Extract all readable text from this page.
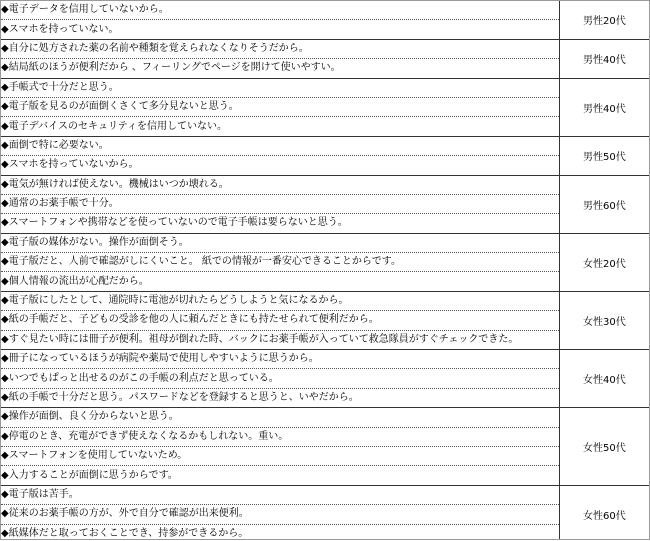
◆電子データを信用していないから。	男性20代
◆スマホを持っていない。	
◆自分に処方された薬の名前や種類を覚えられなくなりそうだから。	男性40代
◆結局紙のほうが便利だから 、フィーリングでページを開けて使いやすい。	
◆手帳式で十分だと思う。	男性40代
◆電子版を見るのが面倒くさくて多分見ないと思う。	
◆電子デバイスのセキュリティを信用していない。	
◆面倒で特に必要ない。	男性50代
◆スマホを持っていないから。	
◆電気が無ければ使えない。機械はいつか壊れる。	男性60代
◆通常のお薬手帳で十分。	
◆スマートフォンや携帯などを使っていないので電子手帳は要らないと思う。	
◆電子版の媒体がない。操作が面倒そう。	女性20代
◆電子版だと、人前で確認がしにくいこと。 紙での情報が一番安心できることからです。	
◆個人情報の流出が心配だから。	
◆電子版にしたとして、通院時に電池が切れたらどうしようと気になるから。	女性30代
◆紙の手帳だと、子どもの受診を他の人に頼んだときにも持たせられて便利だから。	
◆すぐ見たい時には冊子が便利。祖母が倒れた時、バックにお薬手帳が入っていて救急隊員がすぐチェックできた。	
◆冊子になっているほうが病院や薬局で使用しやすいように思うから。	女性40代
◆いつでもぱっと出せるのがこの手帳の利点だと思っている。	
◆紙の手帳で十分だと思う。パスワードなどを登録すると思うと、いやだから。	
◆操作が面倒、良く分からないと思う。	女性50代
◆停電のとき、充電ができず使えなくなるかもしれない。重い。	
◆スマートフォンを使用していないため。	
◆入力することが面倒に思うからです。	
◆電子版は苦手。	女性60代
◆従来のお薬手帳の方が、外で自分で確認が出来便利。	
◆紙媒体だと取っておくことでき、持参ができるから。	
